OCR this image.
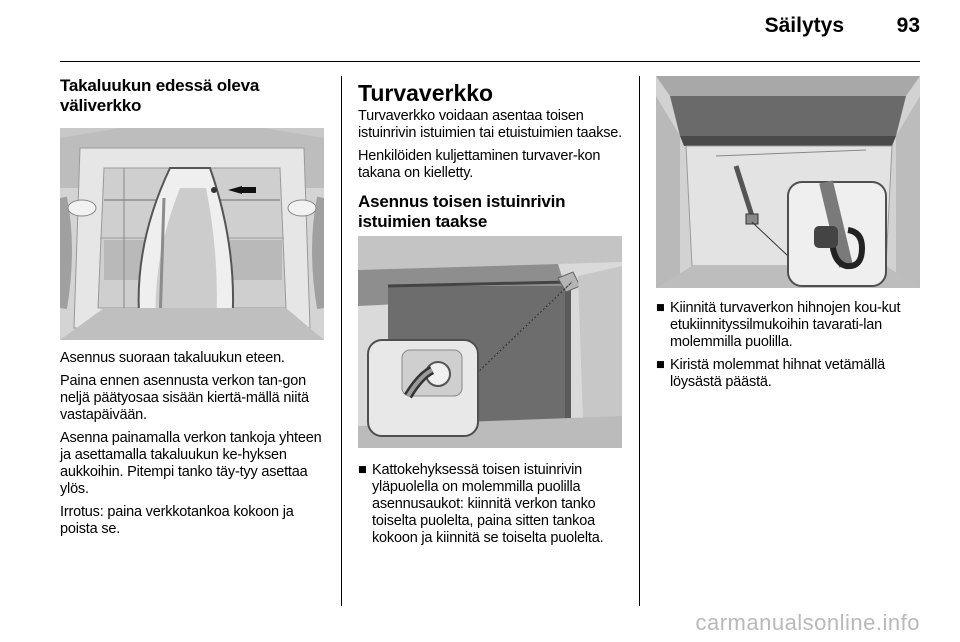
Säilytys	93
Takaluukun edessä oleva väliverkko

Asennus suoraan takaluukun eteen.

Paina ennen asennusta verkon tan-gon neljä päätyosaa sisään kiertä-mällä niitä vastapäivään.

Asenna painamalla verkon tankoja yhteen ja asettamalla takaluukun ke-hyksen aukkoihin. Pitempi tanko täy-tyy asettaa ylös.

Irrotus: paina verkkotankoa kokoon ja poista se.

Turvaverkko

Turvaverkko voidaan asentaa toisen istuinrivin istuimien tai etuistuimien taakse.

Henkilöiden kuljettaminen turvaver-kon takana on kielletty.

Asennus toisen istuinrivin istuimien taakse
■ Kattokehyksessä toisen istuinrivin yläpuolella on molemmilla puolilla asennusaukot: kiinnitä verkon tanko toiselta puolelta, paina sitten tankoa kokoon ja kiinnitä se toiselta puolelta.
■ Kiinnitä turvaverkon hihnojen kou-kut etukiinnityssilmukoihin tavarati-lan molemmilla puolilla.
■ Kiristä molemmat hihnat vetämällä löysästä päästä.
carmanualsonline.info
